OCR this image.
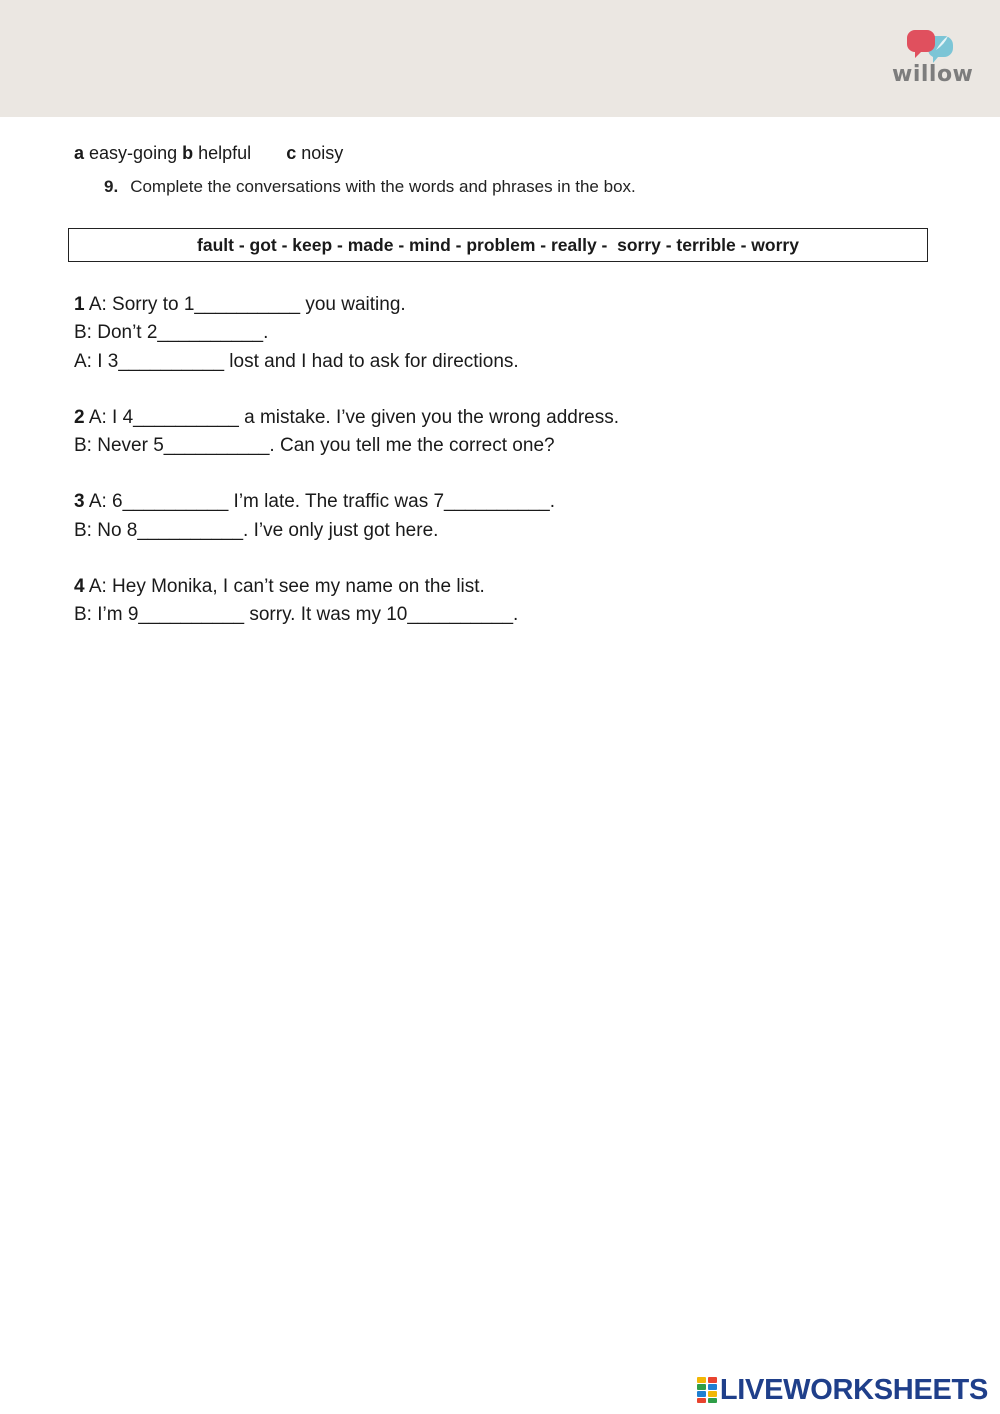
willow
a easy-going b helpful c noisy
9. Complete the conversations with the words and phrases in the box.
fault - got - keep - made - mind - problem - really -  sorry - terrible - worry
1 A: Sorry to 1__________ you waiting.
B: Don’t 2__________.
A: I 3__________ lost and I had to ask for directions.
2 A: I 4__________ a mistake. I’ve given you the wrong address.
B: Never 5__________. Can you tell me the correct one?
3 A: 6__________ I’m late. The traffic was 7__________.
B: No 8__________. I’ve only just got here.
4 A: Hey Monika, I can’t see my name on the list.
B: I’m 9__________ sorry. It was my 10__________.
LIVEWORKSHEETS
